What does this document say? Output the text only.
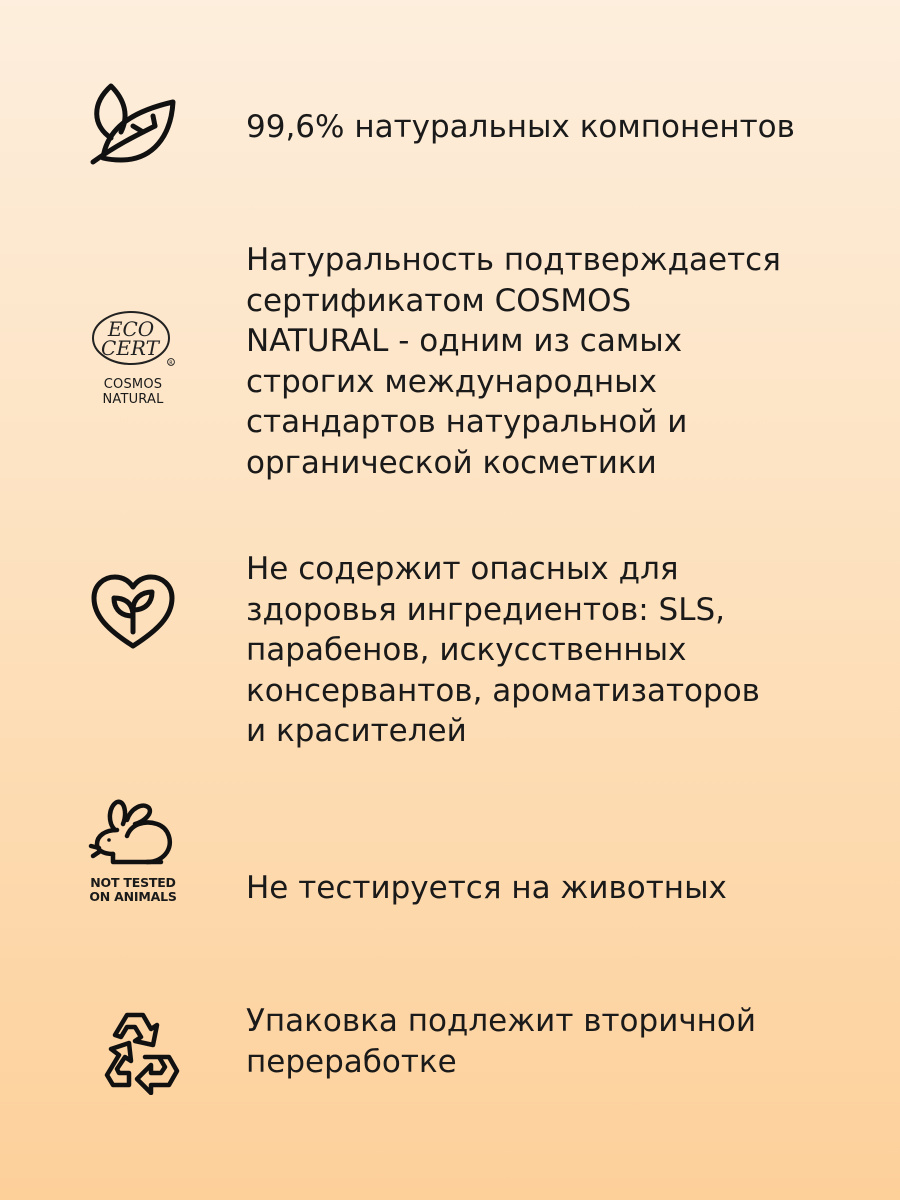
99,6% натуральных компонентов
ECO
CERT
R
COSMOS
NATURAL
Натуральность подтверждается
сертификатом COSMOS
NATURAL - одним из самых
строгих международных
стандартов натуральной и
органической косметики
Не содержит опасных для
здоровья ингредиентов: SLS,
парабенов, искусственных
консервантов, ароматизаторов
и красителей
NOT TESTED
ON ANIMALS Не тестируется на животных
Упаковка подлежит вторичной
переработке
